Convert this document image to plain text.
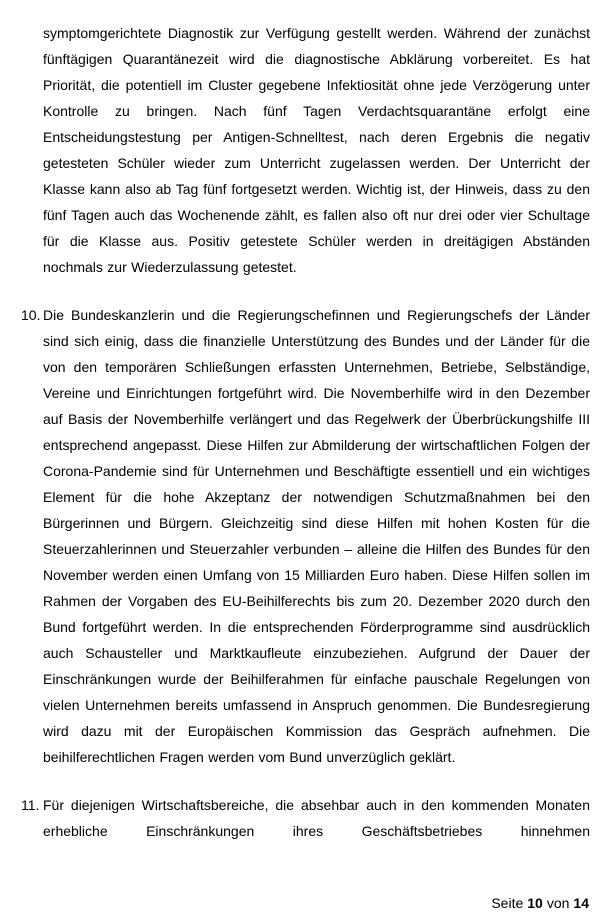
symptomgerichtete Diagnostik zur Verfügung gestellt werden. Während der zunächst fünftägigen Quarantänezeit wird die diagnostische Abklärung vorbereitet. Es hat Priorität, die potentiell im Cluster gegebene Infektiosität ohne jede Verzögerung unter Kontrolle zu bringen. Nach fünf Tagen Verdachtsquarantäne erfolgt eine Entscheidungstestung per Antigen-Schnelltest, nach deren Ergebnis die negativ getesteten Schüler wieder zum Unterricht zugelassen werden. Der Unterricht der Klasse kann also ab Tag fünf fortgesetzt werden. Wichtig ist, der Hinweis, dass zu den fünf Tagen auch das Wochenende zählt, es fallen also oft nur drei oder vier Schultage für die Klasse aus. Positiv getestete Schüler werden in dreitägigen Abständen nochmals zur Wiederzulassung getestet.

10. Die Bundeskanzlerin und die Regierungschefinnen und Regierungschefs der Länder sind sich einig, dass die finanzielle Unterstützung des Bundes und der Länder für die von den temporären Schließungen erfassten Unternehmen, Betriebe, Selbständige, Vereine und Einrichtungen fortgeführt wird. Die Novemberhilfe wird in den Dezember auf Basis der Novemberhilfe verlängert und das Regelwerk der Überbrückungshilfe III entsprechend angepasst. Diese Hilfen zur Abmilderung der wirtschaftlichen Folgen der Corona-Pandemie sind für Unternehmen und Beschäftigte essentiell und ein wichtiges Element für die hohe Akzeptanz der notwendigen Schutzmaßnahmen bei den Bürgerinnen und Bürgern. Gleichzeitig sind diese Hilfen mit hohen Kosten für die Steuerzahlerinnen und Steuerzahler verbunden – alleine die Hilfen des Bundes für den November werden einen Umfang von 15 Milliarden Euro haben. Diese Hilfen sollen im Rahmen der Vorgaben des EU-Beihilferechts bis zum 20. Dezember 2020 durch den Bund fortgeführt werden. In die entsprechenden Förderprogramme sind ausdrücklich auch Schausteller und Marktkaufleute einzubeziehen. Aufgrund der Dauer der Einschränkungen wurde der Beihilferahmen für einfache pauschale Regelungen von vielen Unternehmen bereits umfassend in Anspruch genommen. Die Bundesregierung wird dazu mit der Europäischen Kommission das Gespräch aufnehmen. Die beihilferechtlichen Fragen werden vom Bund unverzüglich geklärt.
11. Für diejenigen Wirtschaftsbereiche, die absehbar auch in den kommenden Monaten erhebliche Einschränkungen ihres Geschäftsbetriebes hinnehmen
Seite 10 von 14
